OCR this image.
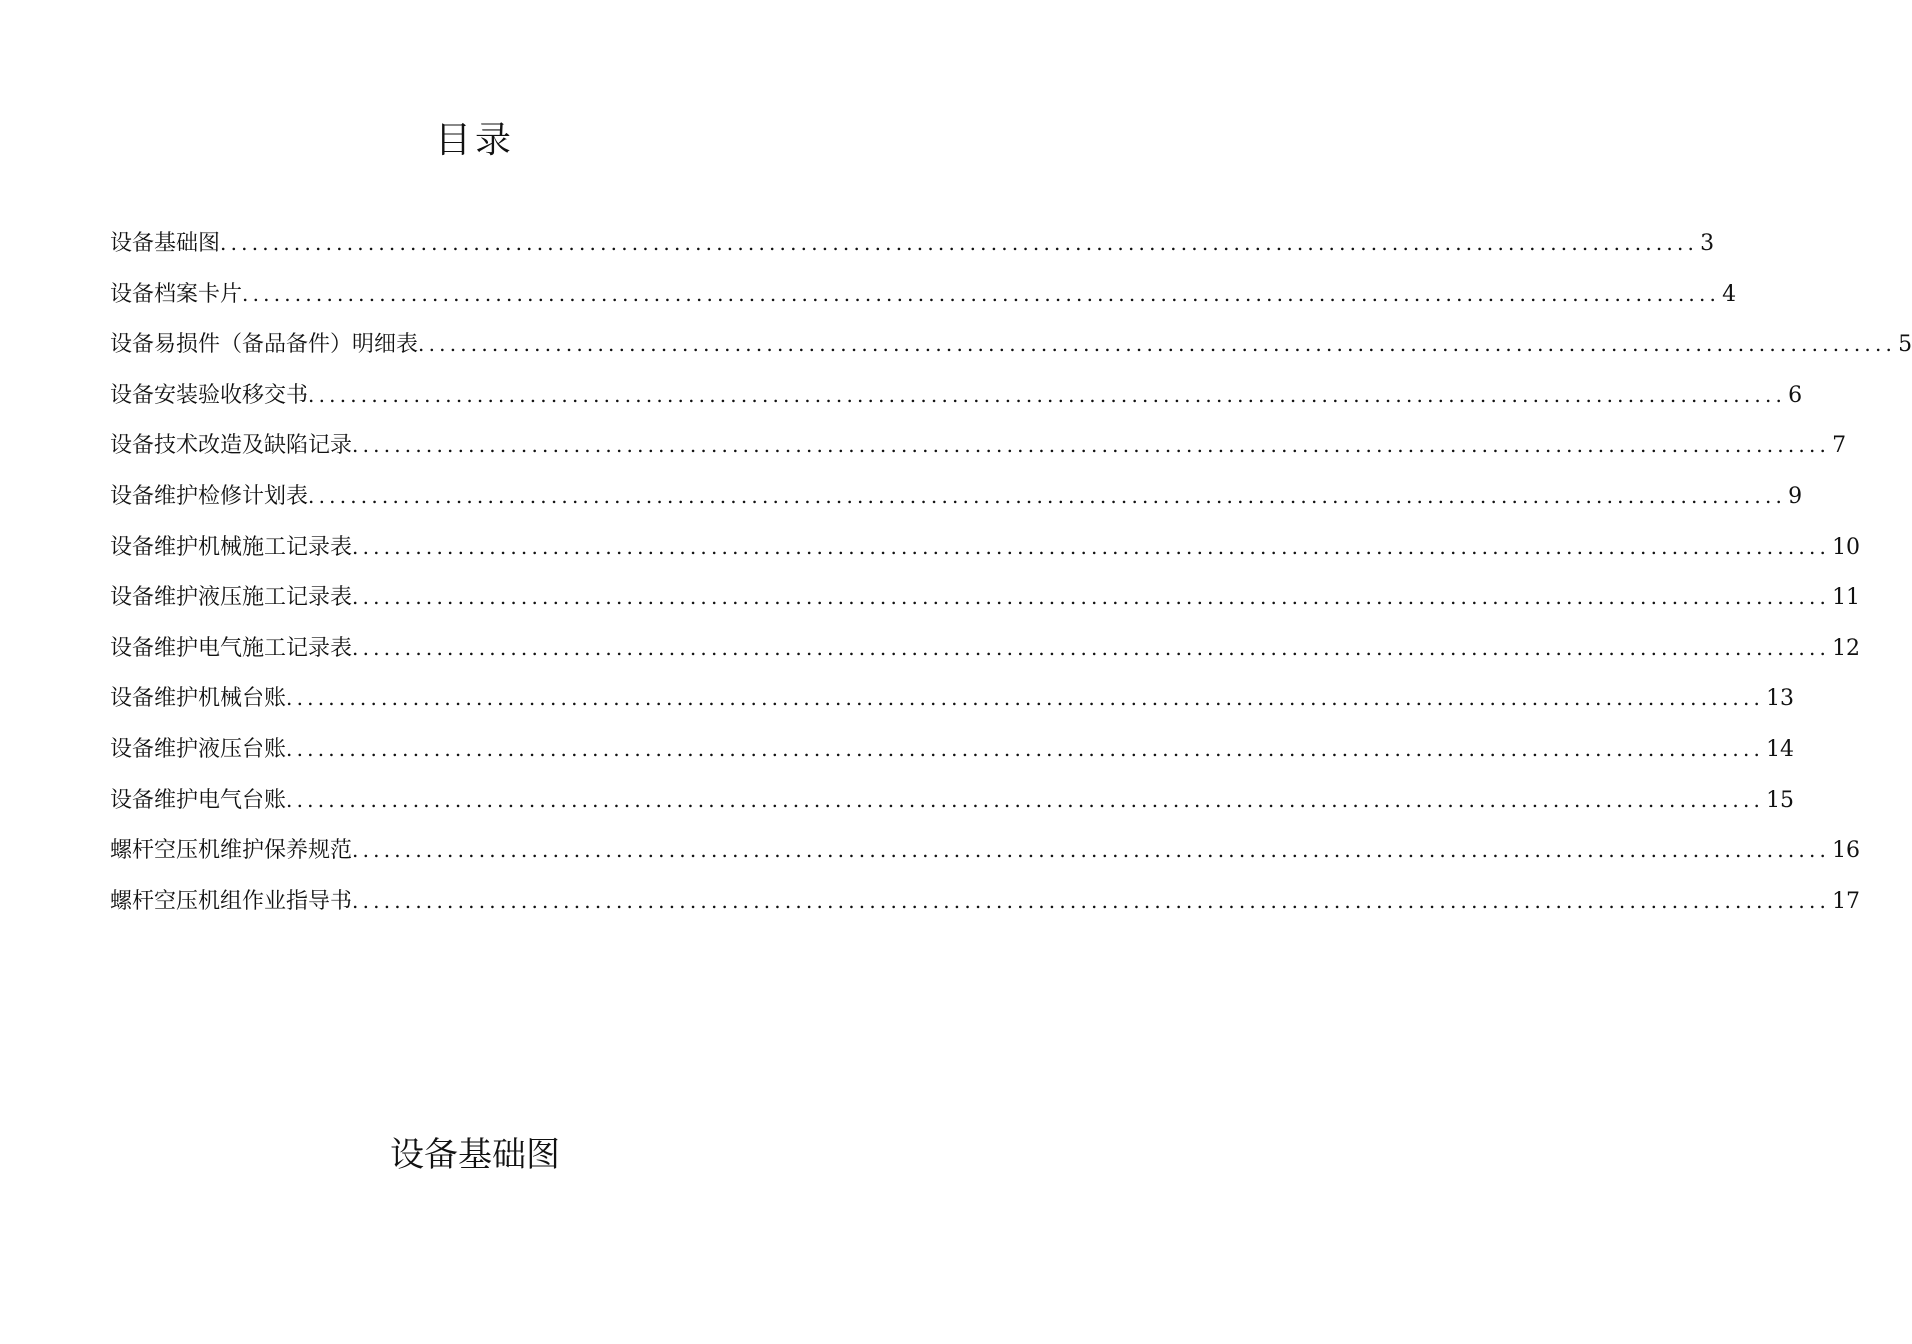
目录
设备基础图 ............................................................................................................................................ 3
设备档案卡片 ............................................................................................................................................ 4
设备易损件（备品备件）明细表 ............................................................................................................................................ 5
设备安装验收移交书 ............................................................................................................................................ 6
设备技术改造及缺陷记录 ............................................................................................................................................ 7
设备维护检修计划表 ............................................................................................................................................ 9
设备维护机械施工记录表 ............................................................................................................................................ 10
设备维护液压施工记录表 ............................................................................................................................................ 11
设备维护电气施工记录表 ............................................................................................................................................ 12
设备维护机械台账 ............................................................................................................................................ 13
设备维护液压台账 ............................................................................................................................................ 14
设备维护电气台账 ............................................................................................................................................ 15
螺杆空压机维护保养规范 ............................................................................................................................................ 16
螺杆空压机组作业指导书 ............................................................................................................................................ 17
设备基础图
